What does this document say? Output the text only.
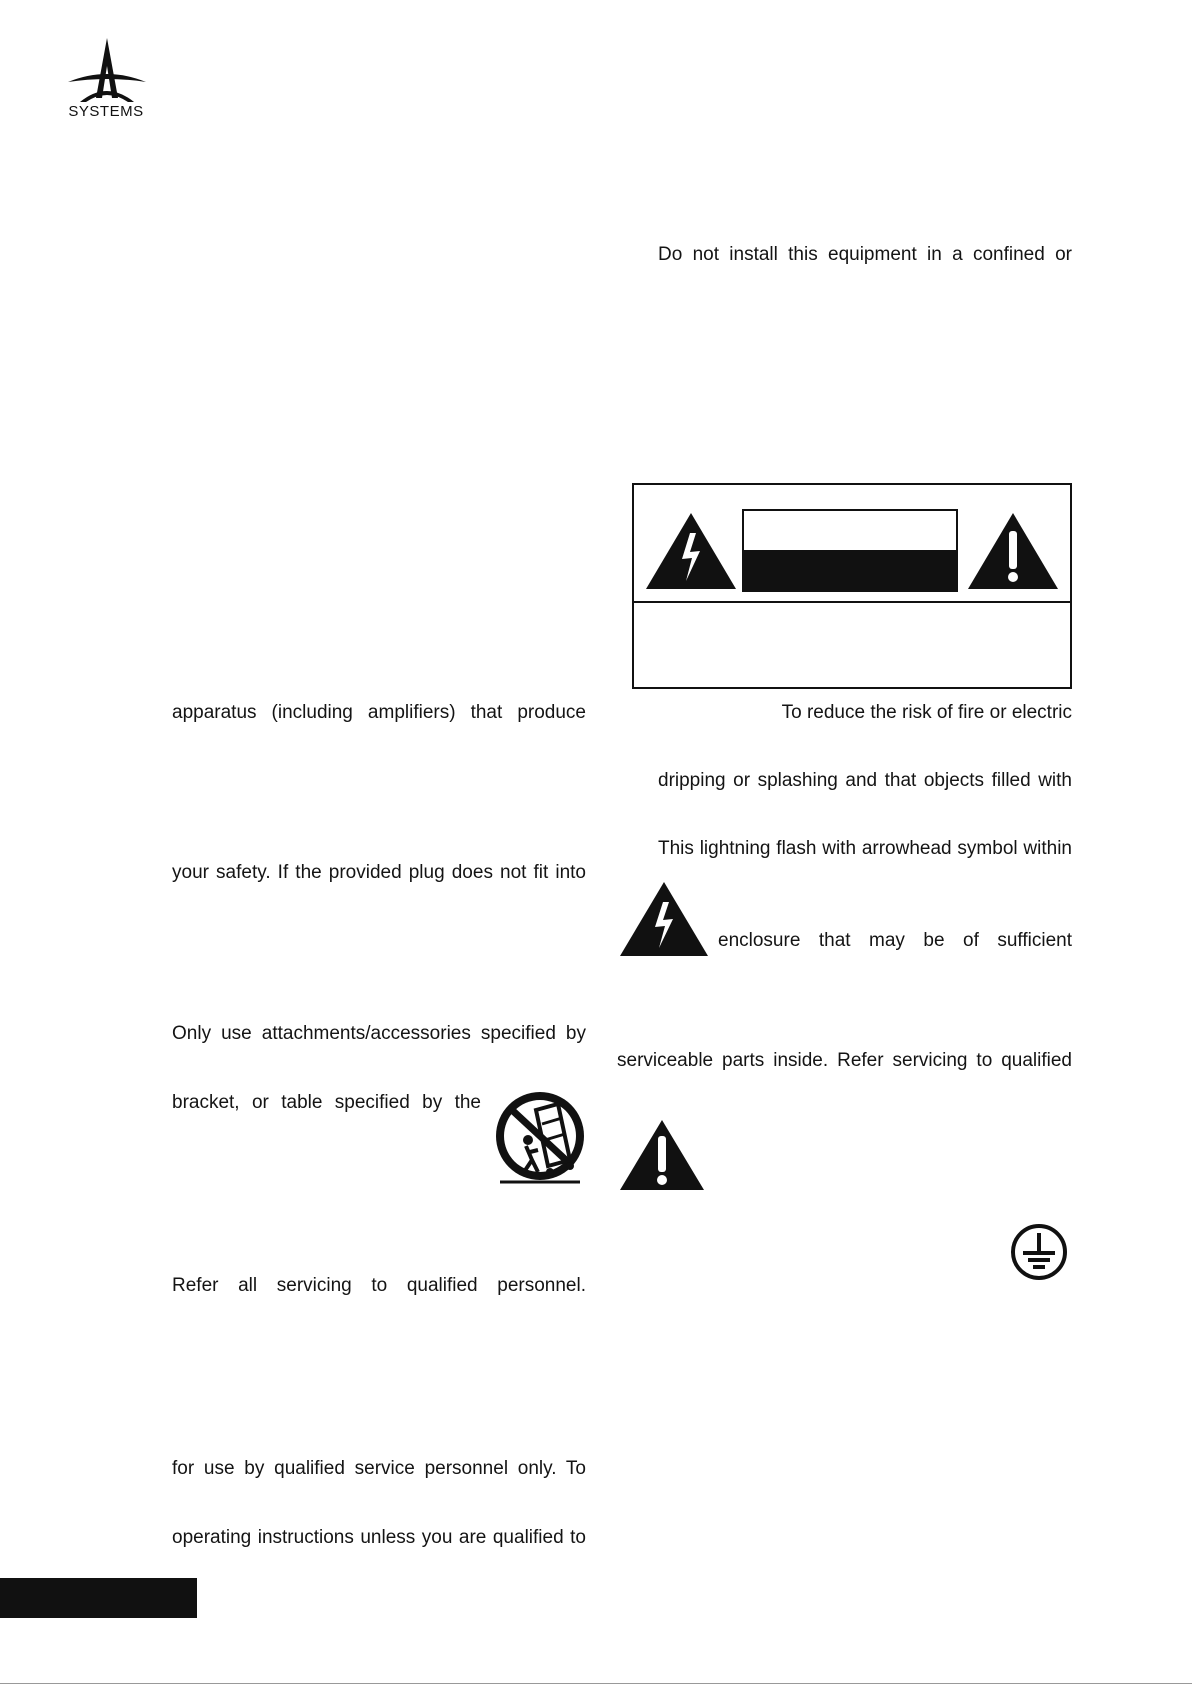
SYSTEMS
apparatus (including amplifiers) that produce
your safety. If the provided plug does not fit into
Only use attachments/accessories specified by
bracket, or table specified by the
Refer all servicing to qualified personnel.
for use by qualified service personnel only. To
operating instructions unless you are qualified to
Do not install this equipment in a confined or
To reduce the risk of fire or electric
dripping or splashing and that objects filled with
This lightning flash with arrowhead symbol within
enclosure that may be of sufficient
serviceable parts inside. Refer servicing to qualified
